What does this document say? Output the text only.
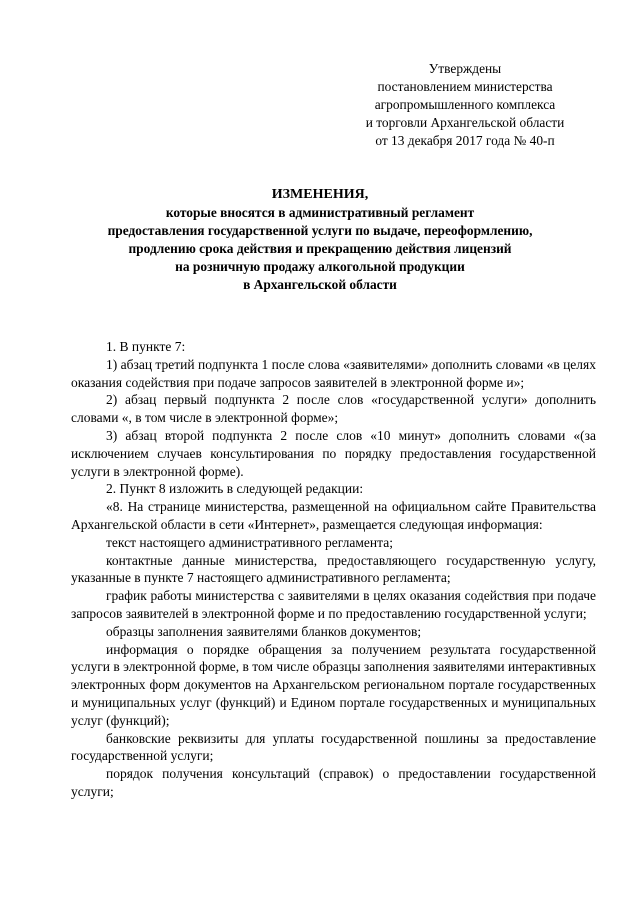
Утверждены
постановлением министерства
агропромышленного комплекса
и торговли Архангельской области
от 13 декабря 2017 года № 40-п
ИЗМЕНЕНИЯ,
которые вносятся в административный регламент
предоставления государственной услуги по выдаче, переоформлению,
продлению срока действия и прекращению действия лицензий
на розничную продажу алкогольной продукции
в Архангельской области

1. В пункте 7:

1) абзац третий подпункта 1 после слова «заявителями» дополнить словами «в целях оказания содействия при подаче запросов заявителей в электронной форме и»;

2) абзац первый подпункта 2 после слов «государственной услуги» дополнить словами «, в том числе в электронной форме»;

3) абзац второй подпункта 2 после слов «10 минут» дополнить словами «(за исключением случаев консультирования по порядку предоставления государственной услуги в электронной форме).

2. Пункт 8 изложить в следующей редакции:

«8. На странице министерства, размещенной на официальном сайте Правительства Архангельской области в сети «Интернет», размещается следующая информация:

текст настоящего административного регламента;

контактные данные министерства, предоставляющего государственную услугу, указанные в пункте 7 настоящего административного регламента;

график работы министерства с заявителями в целях оказания содействия при подаче запросов заявителей в электронной форме и по предоставлению государственной услуги;

образцы заполнения заявителями бланков документов;

информация о порядке обращения за получением результата государственной услуги в электронной форме, в том числе образцы заполнения заявителями интерактивных электронных форм документов на Архангельском региональном портале государственных и муниципальных услуг (функций) и Едином портале государственных и муниципальных услуг (функций);

банковские реквизиты для уплаты государственной пошлины за предоставление государственной услуги;

порядок получения консультаций (справок) о предоставлении государственной услуги;
